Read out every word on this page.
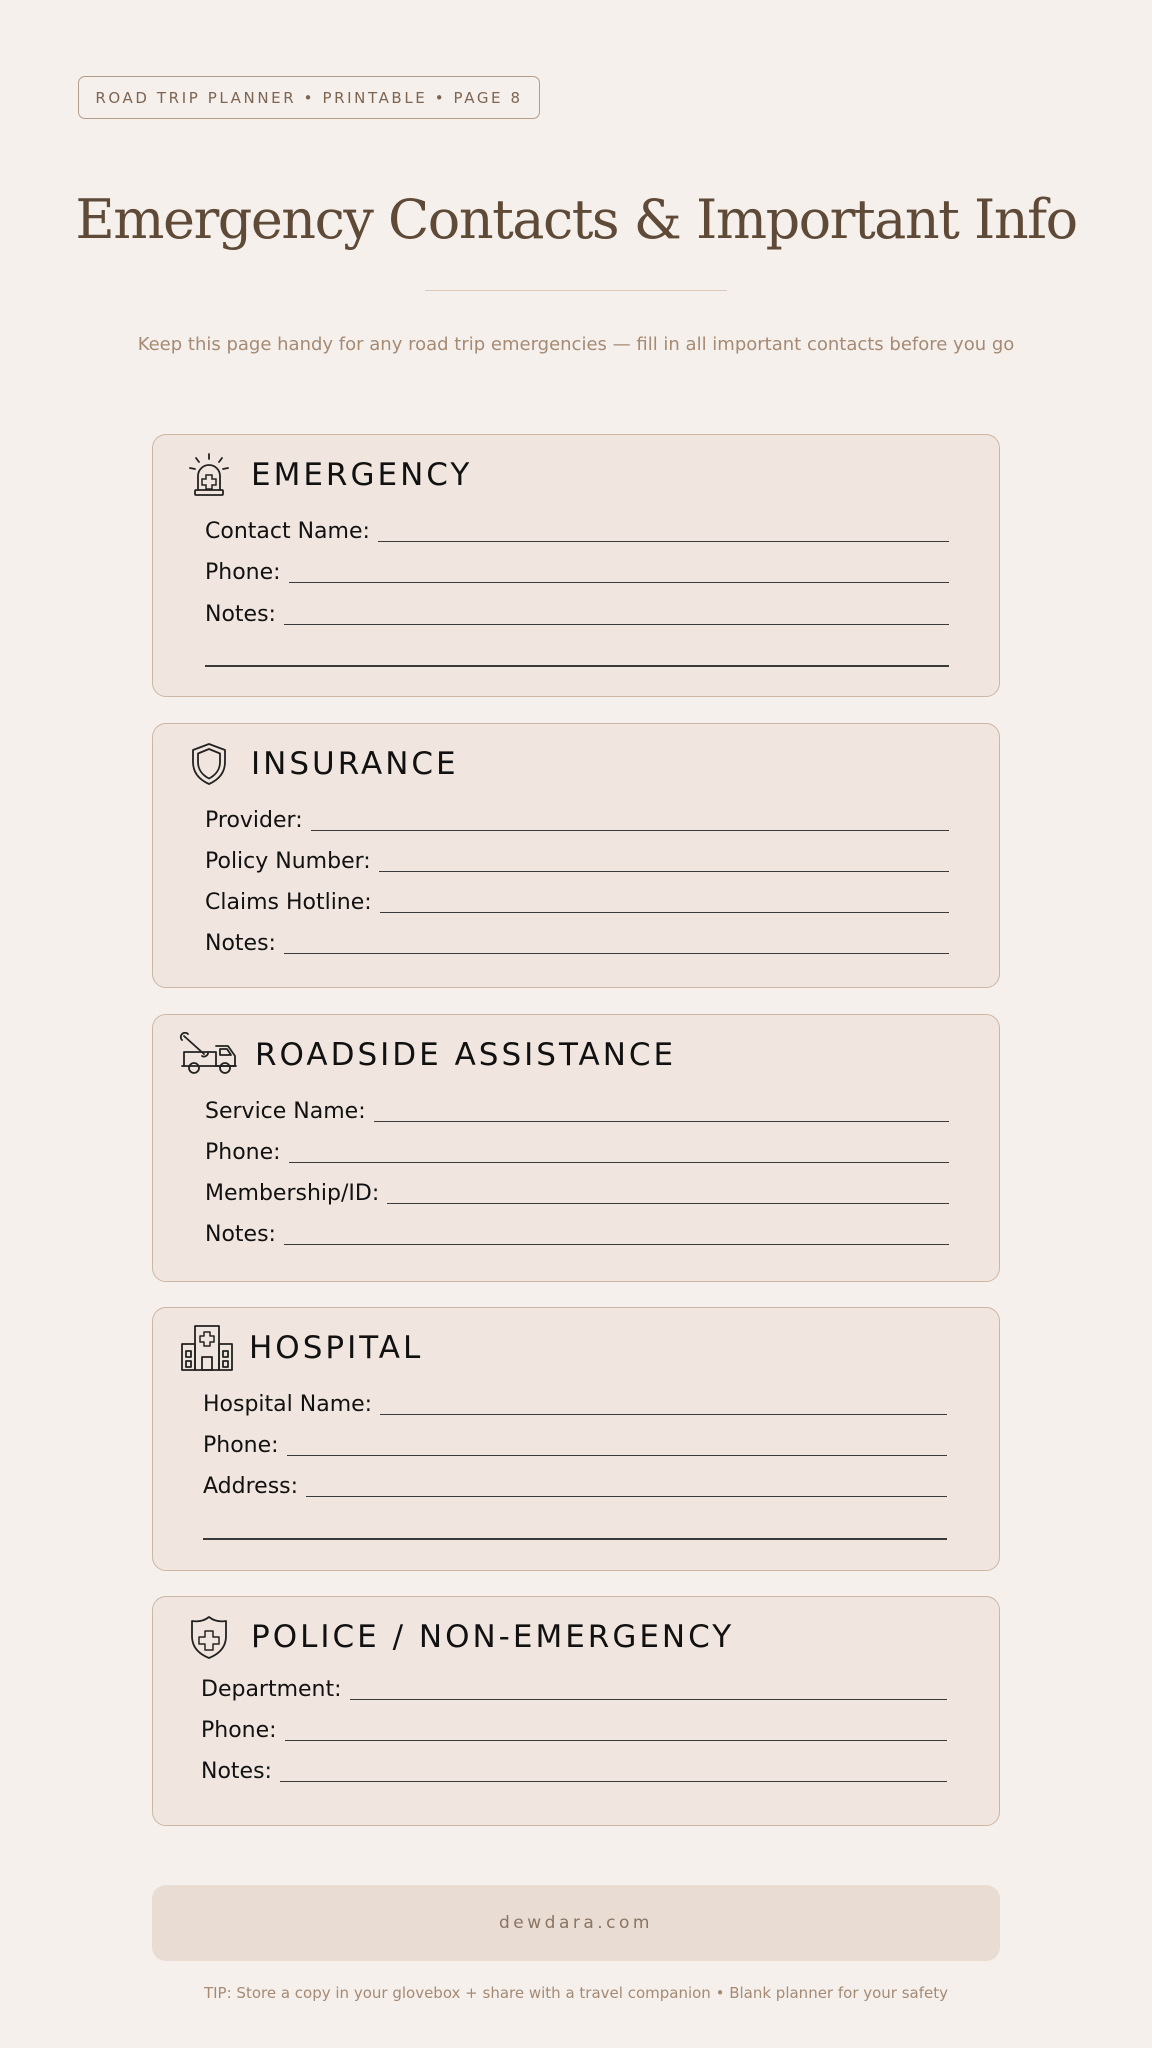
ROAD TRIP PLANNER • PRINTABLE • PAGE 8
Emergency Contacts & Important Info
Keep this page handy for any road trip emergencies — fill in all important contacts before you go
EMERGENCY
Contact Name:
Phone:
Notes:
INSURANCE
Provider:
Policy Number:
Claims Hotline:
Notes:
ROADSIDE ASSISTANCE
Service Name:
Phone:
Membership/ID:
Notes:
HOSPITAL
Hospital Name:
Phone:
Address:
POLICE / NON-EMERGENCY
Department:
Phone:
Notes:
dewdara.com
TIP: Store a copy in your glovebox + share with a travel companion • Blank planner for your safety
